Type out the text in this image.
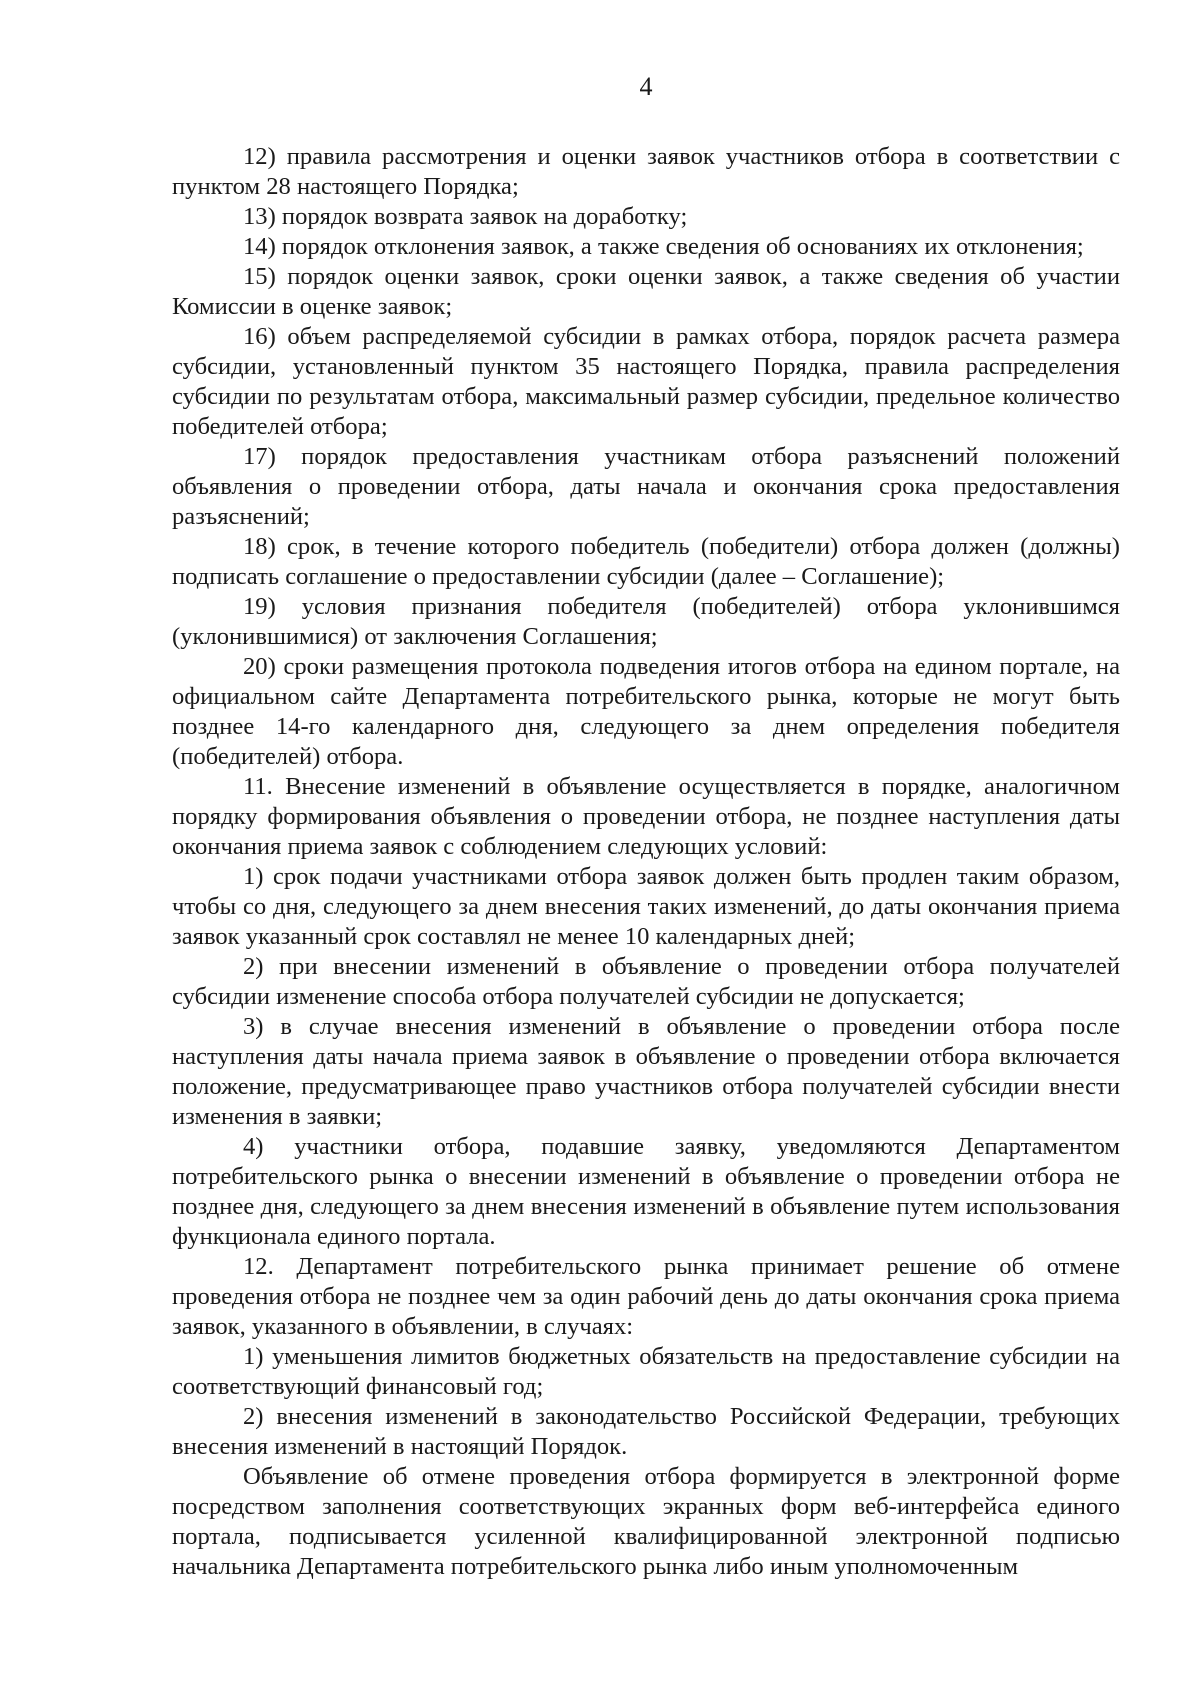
4

12) правила рассмотрения и оценки заявок участников отбора в соответствии с пунктом 28 настоящего Порядка;

13) порядок возврата заявок на доработку;

14) порядок отклонения заявок, а также сведения об основаниях их отклонения;

15) порядок оценки заявок, сроки оценки заявок, а также сведения об участии Комиссии в оценке заявок;

16) объем распределяемой субсидии в рамках отбора, порядок расчета размера субсидии, установленный пунктом 35 настоящего Порядка, правила распределения субсидии по результатам отбора, максимальный размер субсидии, предельное количество победителей отбора;

17) порядок предоставления участникам отбора разъяснений положений объявления о проведении отбора, даты начала и окончания срока предоставления разъяснений;

18) срок, в течение которого победитель (победители) отбора должен (должны) подписать соглашение о предоставлении субсидии (далее – Соглашение);

19) условия признания победителя (победителей) отбора уклонившимся (уклонившимися) от заключения Соглашения;

20) сроки размещения протокола подведения итогов отбора на едином портале, на официальном сайте Департамента потребительского рынка, которые не могут быть позднее 14-го календарного дня, следующего за днем определения победителя (победителей) отбора.

11. Внесение изменений в объявление осуществляется в порядке, аналогичном порядку формирования объявления о проведении отбора, не позднее наступления даты окончания приема заявок с соблюдением следующих условий:

1) срок подачи участниками отбора заявок должен быть продлен таким образом, чтобы со дня, следующего за днем внесения таких изменений, до даты окончания приема заявок указанный срок составлял не менее 10 календарных дней;

2) при внесении изменений в объявление о проведении отбора получателей субсидии изменение способа отбора получателей субсидии не допускается;

3) в случае внесения изменений в объявление о проведении отбора после наступления даты начала приема заявок в объявление о проведении отбора включается положение, предусматривающее право участников отбора получателей субсидии внести изменения в заявки;

4) участники отбора, подавшие заявку, уведомляются Департаментом потребительского рынка о внесении изменений в объявление о проведении отбора не позднее дня, следующего за днем внесения изменений в объявление путем использования функционала единого портала.

12. Департамент потребительского рынка принимает решение об отмене проведения отбора не позднее чем за один рабочий день до даты окончания срока приема заявок, указанного в объявлении, в случаях:

1) уменьшения лимитов бюджетных обязательств на предоставление субсидии на соответствующий финансовый год;

2) внесения изменений в законодательство Российской Федерации, требующих внесения изменений в настоящий Порядок.

Объявление об отмене проведения отбора формируется в электронной форме посредством заполнения соответствующих экранных форм веб-интерфейса единого портала, подписывается усиленной квалифицированной электронной подписью начальника Департамента потребительского рынка либо иным уполномоченным
